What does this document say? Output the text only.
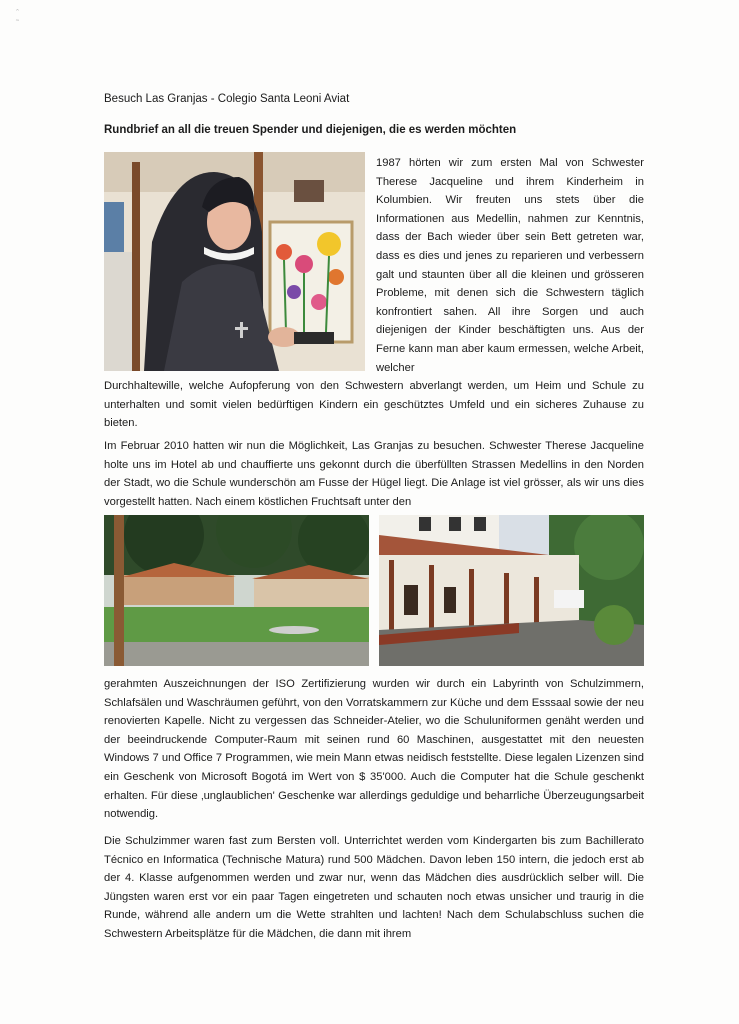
ˆ
˜
Besuch Las Granjas - Colegio Santa Leoni Aviat
Rundbrief an all die treuen Spender und diejenigen, die es werden möchten
1987 hörten wir zum ersten Mal von Schwester Therese Jacqueline und ihrem Kinderheim in Kolumbien. Wir freuten uns stets über die Informationen aus Medellin, nahmen zur Kenntnis, dass der Bach wieder über sein Bett getreten war, dass es dies und jenes zu reparieren und verbessern galt und staunten über all die kleinen und grösseren Probleme, mit denen sich die Schwestern täglich konfrontiert sahen. All ihre Sorgen und auch diejenigen der Kinder beschäftigten uns. Aus der Ferne kann man aber kaum ermessen, welche Arbeit, welcher
Durchhaltewille, welche Aufopferung von den Schwestern abverlangt werden, um Heim und Schule zu unterhalten und somit vielen bedürftigen Kindern ein geschütztes Umfeld und ein sicheres Zuhause zu bieten.
Im Februar 2010 hatten wir nun die Möglichkeit, Las Granjas zu besuchen. Schwester Therese Jacqueline holte uns im Hotel ab und chauffierte uns gekonnt durch die überfüllten Strassen Medellins in den Norden der Stadt, wo die Schule wunderschön am Fusse der Hügel liegt. Die Anlage ist viel grösser, als wir uns dies vorgestellt hatten. Nach einem köstlichen Fruchtsaft unter den
gerahmten Auszeichnungen der ISO Zertifizierung wurden wir durch ein Labyrinth von Schulzimmern, Schlafsälen und Waschräumen geführt, von den Vorratskammern zur Küche und dem Esssaal sowie der neu renovierten Kapelle. Nicht zu vergessen das Schneider-Atelier, wo die Schuluniformen genäht werden und der beeindruckende Computer-Raum mit seinen rund 60 Maschinen, ausgestattet mit den neuesten Windows 7 und Office 7 Programmen, wie mein Mann etwas neidisch feststellte. Diese legalen Lizenzen sind ein Geschenk von Microsoft Bogotá im Wert von $ 35'000. Auch die Computer hat die Schule geschenkt erhalten. Für diese ‚unglaublichen' Geschenke war allerdings geduldige und beharrliche Überzeugungsarbeit notwendig.
Die Schulzimmer waren fast zum Bersten voll. Unterrichtet werden vom Kindergarten bis zum Bachillerato Técnico en Informatica (Technische Matura) rund 500 Mädchen. Davon leben 150 intern, die jedoch erst ab der 4. Klasse aufgenommen werden und zwar nur, wenn das Mädchen dies ausdrücklich selber will. Die Jüngsten waren erst vor ein paar Tagen eingetreten und schauten noch etwas unsicher und traurig in die Runde, während alle andern um die Wette strahlten und lachten! Nach dem Schulabschluss suchen die Schwestern Arbeitsplätze für die Mädchen, die dann mit ihrem
